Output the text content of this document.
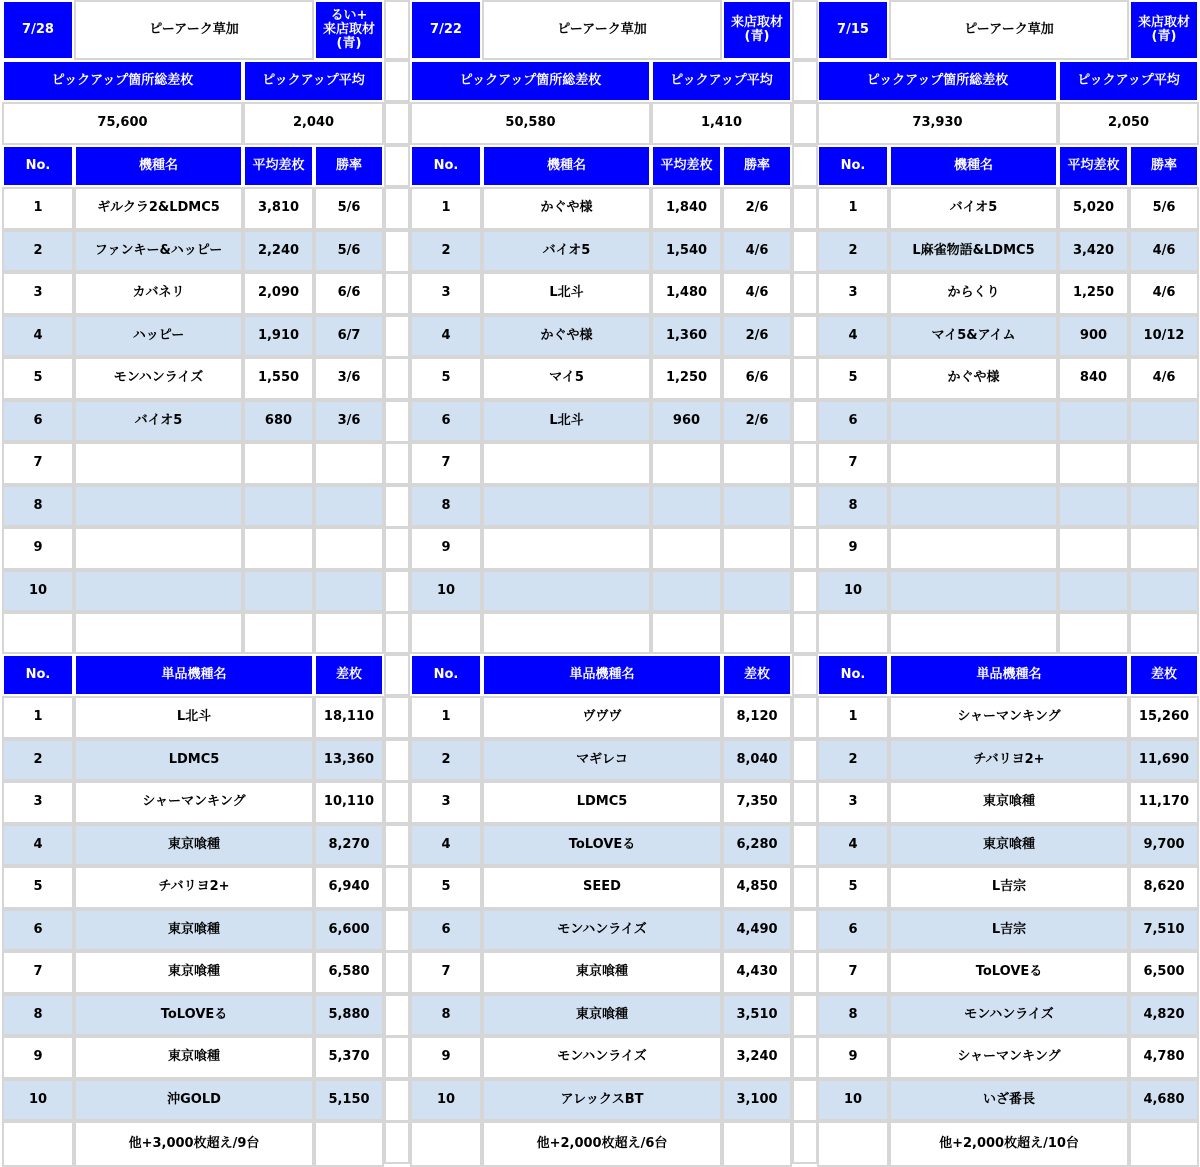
7/28	ピーアーク草加
るい+
来店取材
(青)
ピックアップ箇所総差枚	ピックアップ平均
75,600	2,040
No.	機種名	平均差枚	勝率
1	ギルクラ2&LDMC5	3,810	5/6
2	ファンキー&ハッピー	2,240	5/6
3	カバネリ	2,090	6/6
4	ハッピー	1,910	6/7
5	モンハンライズ	1,550	3/6
6	バイオ5	680	3/6
7
8
9
10
No.	単品機種名	差枚
1	L北斗	18,110
2	LDMC5	13,360
3	シャーマンキング	10,110
4	東京喰種	8,270
5	チバリヨ2+	6,940
6	東京喰種	6,600
7	東京喰種	6,580
8	ToLOVEる	5,880
9	東京喰種	5,370
10	沖GOLD	5,150
他+3,000枚超え/9台
7/22	ピーアーク草加	来店取材
(青)
ピックアップ箇所総差枚	ピックアップ平均
50,580	1,410
No.	機種名	平均差枚	勝率
1	かぐや様	1,840	2/6
2	バイオ5	1,540	4/6
3	L北斗	1,480	4/6
4	かぐや様	1,360	2/6
5	マイ5	1,250	6/6
6	L北斗	960	2/6
7
8
9
10
No.	単品機種名	差枚
1	ヴヴヴ	8,120
2	マギレコ	8,040
3	LDMC5	7,350
4	ToLOVEる	6,280
5	SEED	4,850
6	モンハンライズ	4,490
7	東京喰種	4,430
8	東京喰種	3,510
9	モンハンライズ	3,240
10	アレックスBT	3,100
他+2,000枚超え/6台
7/15	ピーアーク草加	来店取材
(青)
ピックアップ箇所総差枚	ピックアップ平均
73,930	2,050
No.	機種名	平均差枚	勝率
1	バイオ5	5,020	5/6
2	L麻雀物語&LDMC5	3,420	4/6
3	からくり	1,250	4/6
4	マイ5&アイム	900	10/12
5	かぐや様	840	4/6
6
7
8
9
10
No.	単品機種名	差枚
1	シャーマンキング	15,260
2	チバリヨ2+	11,690
3	東京喰種	11,170
4	東京喰種	9,700
5	L吉宗	8,620
6	L吉宗	7,510
7	ToLOVEる	6,500
8	モンハンライズ	4,820
9	シャーマンキング	4,780
10	いざ番長	4,680
他+2,000枚超え/10台
